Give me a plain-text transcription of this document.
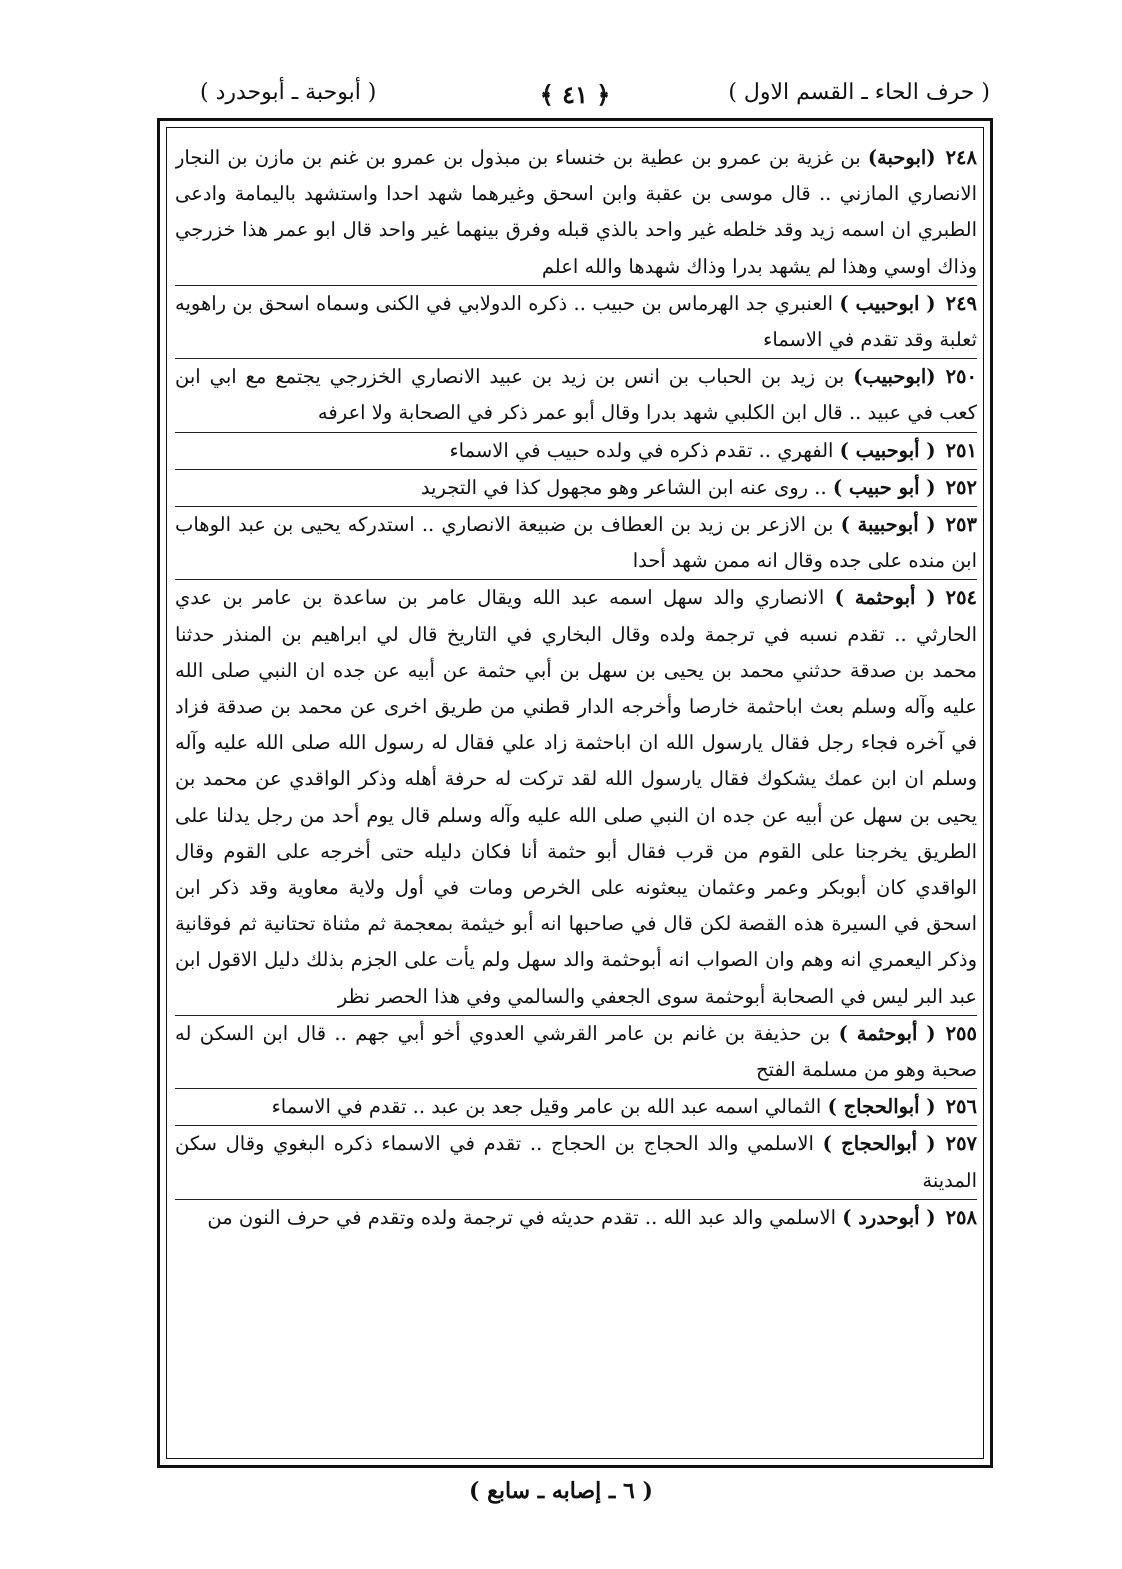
( حرف الحاء ـ القسم الاول )
﴿ ٤١ ﴾
( أبوحبة ـ أبوحدرد )

٢٤٨(ابوحبة) بن غزية بن عمرو بن عطية بن خنساء بن مبذول بن عمرو بن غنم بن مازن بن النجار الانصاري المازني .. قال موسى بن عقبة وابن اسحق وغيرهما شهد احدا واستشهد باليمامة وادعى الطبري ان اسمه زيد وقد خلطه غير واحد بالذي قبله وفرق بينهما غير واحد قال ابو عمر هذا خزرجي وذاك اوسي وهذا لم يشهد بدرا وذاك شهدها والله اعلم

٢٤٩( ابوحبيب ) العنبري جد الهرماس بن حبيب .. ذكره الدولابي في الكنى وسماه اسحق بن راهويه ثعلبة وقد تقدم في الاسماء

٢٥٠(ابوحبيب) بن زيد بن الحباب بن انس بن زيد بن عبيد الانصاري الخزرجي يجتمع مع ابي ابن كعب في عبيد .. قال ابن الكلبي شهد بدرا وقال أبو عمر ذكر في الصحابة ولا اعرفه

٢٥١( أبوحبيب ) الفهري .. تقدم ذكره في ولده حبيب في الاسماء

٢٥٢( أبو حبيب ) .. روى عنه ابن الشاعر وهو مجهول كذا في التجريد

٢٥٣( أبوحبيبة ) بن الازعر بن زيد بن العطاف بن ضبيعة الانصاري .. استدركه يحيى بن عبد الوهاب ابن منده على جده وقال انه ممن شهد أحدا

٢٥٤( أبوحثمة ) الانصاري والد سهل اسمه عبد الله ويقال عامر بن ساعدة بن عامر بن عدي الحارثي .. تقدم نسبه في ترجمة ولده وقال البخاري في التاريخ قال لي ابراهيم بن المنذر حدثنا محمد بن صدقة حدثني محمد بن يحيى بن سهل بن أبي حثمة عن أبيه عن جده ان النبي صلى الله عليه وآله وسلم بعث اباحثمة خارصا وأخرجه الدار قطني من طريق اخرى عن محمد بن صدقة فزاد في آخره فجاء رجل فقال يارسول الله ان اباحثمة زاد علي فقال له رسول الله صلى الله عليه وآله وسلم ان ابن عمك يشكوك فقال يارسول الله لقد تركت له حرفة أهله وذكر الواقدي عن محمد بن يحيى بن سهل عن أبيه عن جده ان النبي صلى الله عليه وآله وسلم قال يوم أحد من رجل يدلنا على الطريق يخرجنا على القوم من قرب فقال أبو حثمة أنا فكان دليله حتى أخرجه على القوم وقال الواقدي كان أبوبكر وعمر وعثمان يبعثونه على الخرص ومات في أول ولاية معاوية وقد ذكر ابن اسحق في السيرة هذه القصة لكن قال في صاحبها انه أبو خيثمة بمعجمة ثم مثناة تحتانية ثم فوقانية وذكر اليعمري انه وهم وان الصواب انه أبوحثمة والد سهل ولم يأت على الجزم بذلك دليل الاقول ابن عبد البر ليس في الصحابة أبوحثمة سوى الجعفي والسالمي وفي هذا الحصر نظر

٢٥٥( أبوحثمة ) بن حذيفة بن غانم بن عامر القرشي العدوي أخو أبي جهم .. قال ابن السكن له صحبة وهو من مسلمة الفتح

٢٥٦( أبوالحجاج ) الثمالي اسمه عبد الله بن عامر وقيل جعد بن عبد .. تقدم في الاسماء

٢٥٧( أبوالحجاج ) الاسلمي والد الحجاج بن الحجاج .. تقدم في الاسماء ذكره البغوي وقال سكن المدينة

٢٥٨( أبوحدرد ) الاسلمي والد عبد الله .. تقدم حديثه في ترجمة ولده وتقدم في حرف النون من

( ٦ ـ إصابه ـ سابع )
